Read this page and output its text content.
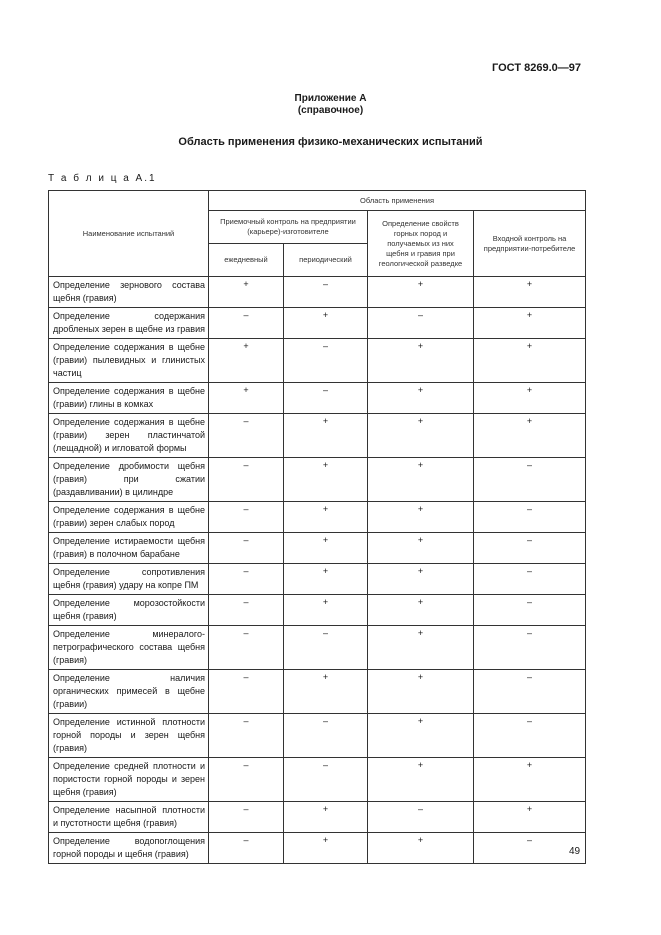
ГОСТ 8269.0—97
Приложение А
(справочное)
Область применения физико-механических испытаний
Т а б л и ц а А.1
Наименование испытаний	Область применения			
	Приемочный контроль на предприятии (карьере)-изготовителе		Определение свойств горных пород и получаемых из них щебня и гравия при геологической разведке	Входной контроль на предприятии-потребителе
	ежедневный	периодический		
Определение зернового состава щебня (гравия)	+	–	+	+
Определение содержания дробленых зерен в щебне из гравия	–	+	–	+
Определение содержания в щебне (гравии) пылевидных и глинистых частиц	+	–	+	+
Определение содержания в щебне (гравии) глины в комках	+	–	+	+
Определение содержания в щебне (гравии) зерен пластинчатой (лещадной) и игловатой формы	–	+	+	+
Определение дробимости щебня (гравия) при сжатии (раздавливании) в цилиндре	–	+	+	–
Определение содержания в щебне (гравии) зерен слабых пород	–	+	+	–
Определение истираемости щебня (гравия) в полочном барабане	–	+	+	–
Определение сопротивления щебня (гравия) удару на копре ПМ	–	+	+	–
Определение морозостойкости щебня (гравия)	–	+	+	–
Определение минералого-петрографического состава щебня (гравия)	–	–	+	–
Определение наличия органических примесей в щебне (гравии)	–	+	+	–
Определение истинной плотности горной породы и зерен щебня (гравия)	–	–	+	–
Определение средней плотности и пористости горной породы и зерен щебня (гравия)	–	–	+	+
Определение насыпной плотности и пустотности щебня (гравия)	–	+	–	+
Определение водопоглощения горной породы и щебня (гравия)	–	+	+	–
49
